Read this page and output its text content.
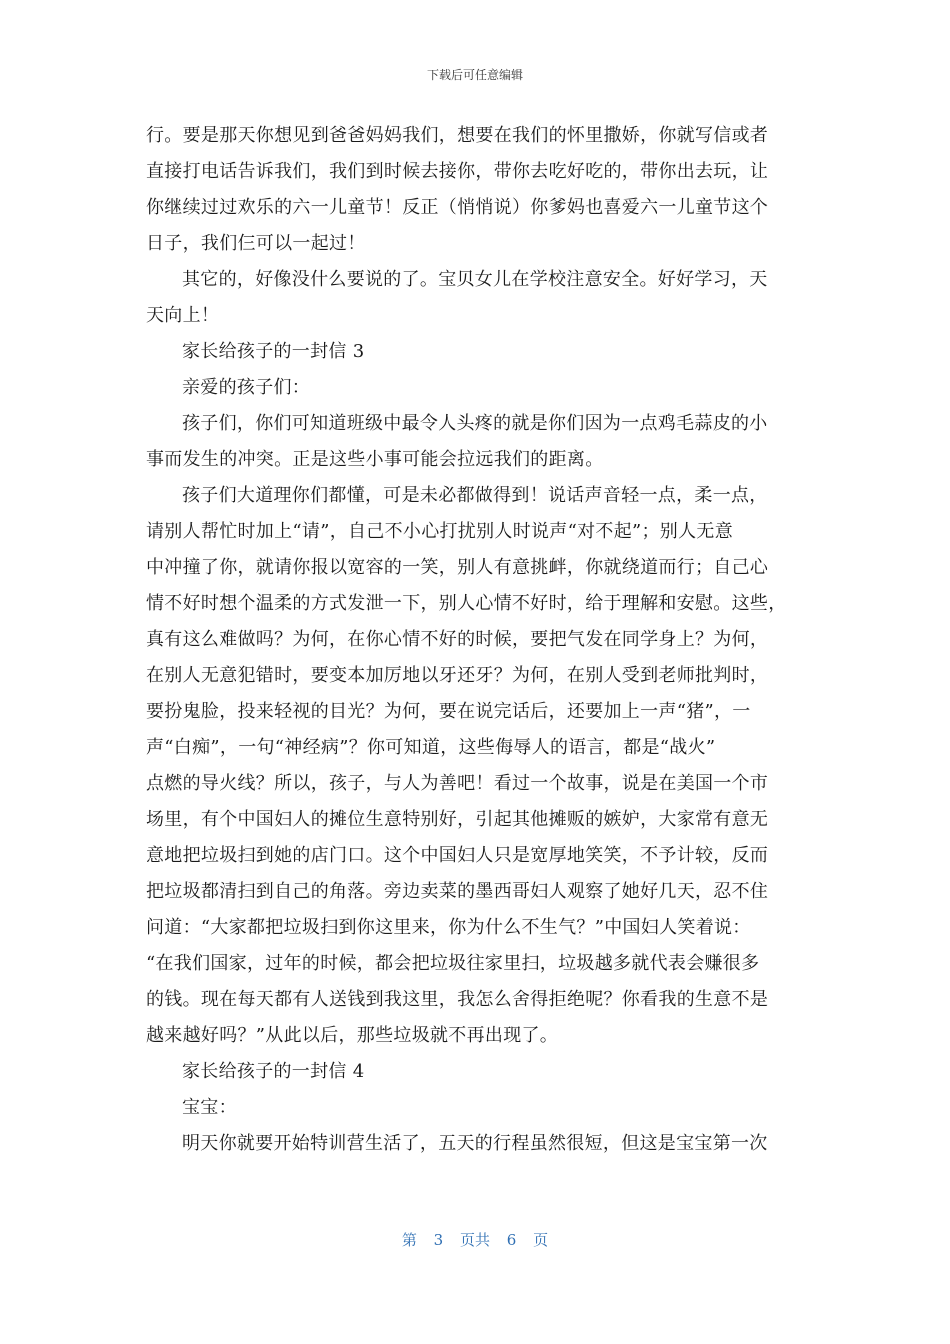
下载后可任意编辑
行。要是那天你想见到爸爸妈妈我们，想要在我们的怀里撒娇，你就写信或者
直接打电话告诉我们，我们到时候去接你，带你去吃好吃的，带你出去玩，让
你继续过过欢乐的六一儿童节！反正（悄悄说）你爹妈也喜爱六一儿童节这个
日子，我们仨可以一起过！
其它的，好像没什么要说的了。宝贝女儿在学校注意安全。好好学习，天
天向上！
家长给孩子的一封信 3
亲爱的孩子们：
孩子们，你们可知道班级中最令人头疼的就是你们因为一点鸡毛蒜皮的小
事而发生的冲突。正是这些小事可能会拉远我们的距离。
孩子们大道理你们都懂，可是未必都做得到！说话声音轻一点，柔一点，
请别人帮忙时加上“请”，自己不小心打扰别人时说声“对不起”；别人无意
中冲撞了你，就请你报以宽容的一笑，别人有意挑衅，你就绕道而行；自己心
情不好时想个温柔的方式发泄一下，别人心情不好时，给于理解和安慰。这些，
真有这么难做吗？为何，在你心情不好的时候，要把气发在同学身上？为何，
在别人无意犯错时，要变本加厉地以牙还牙？为何，在别人受到老师批判时，
要扮鬼脸，投来轻视的目光？为何，要在说完话后，还要加上一声“猪”，一
声“白痴”，一句“神经病”？你可知道，这些侮辱人的语言，都是“战火”
点燃的导火线？所以，孩子，与人为善吧！看过一个故事，说是在美国一个市
场里，有个中国妇人的摊位生意特别好，引起其他摊贩的嫉妒，大家常有意无
意地把垃圾扫到她的店门口。这个中国妇人只是宽厚地笑笑，不予计较，反而
把垃圾都清扫到自己的角落。旁边卖菜的墨西哥妇人观察了她好几天，忍不住
问道：“大家都把垃圾扫到你这里来，你为什么不生气？”中国妇人笑着说：
“在我们国家，过年的时候，都会把垃圾往家里扫，垃圾越多就代表会赚很多
的钱。现在每天都有人送钱到我这里，我怎么舍得拒绝呢？你看我的生意不是
越来越好吗？”从此以后，那些垃圾就不再出现了。
家长给孩子的一封信 4
宝宝：
明天你就要开始特训营生活了，五天的行程虽然很短，但这是宝宝第一次
第 3 页共 6 页
